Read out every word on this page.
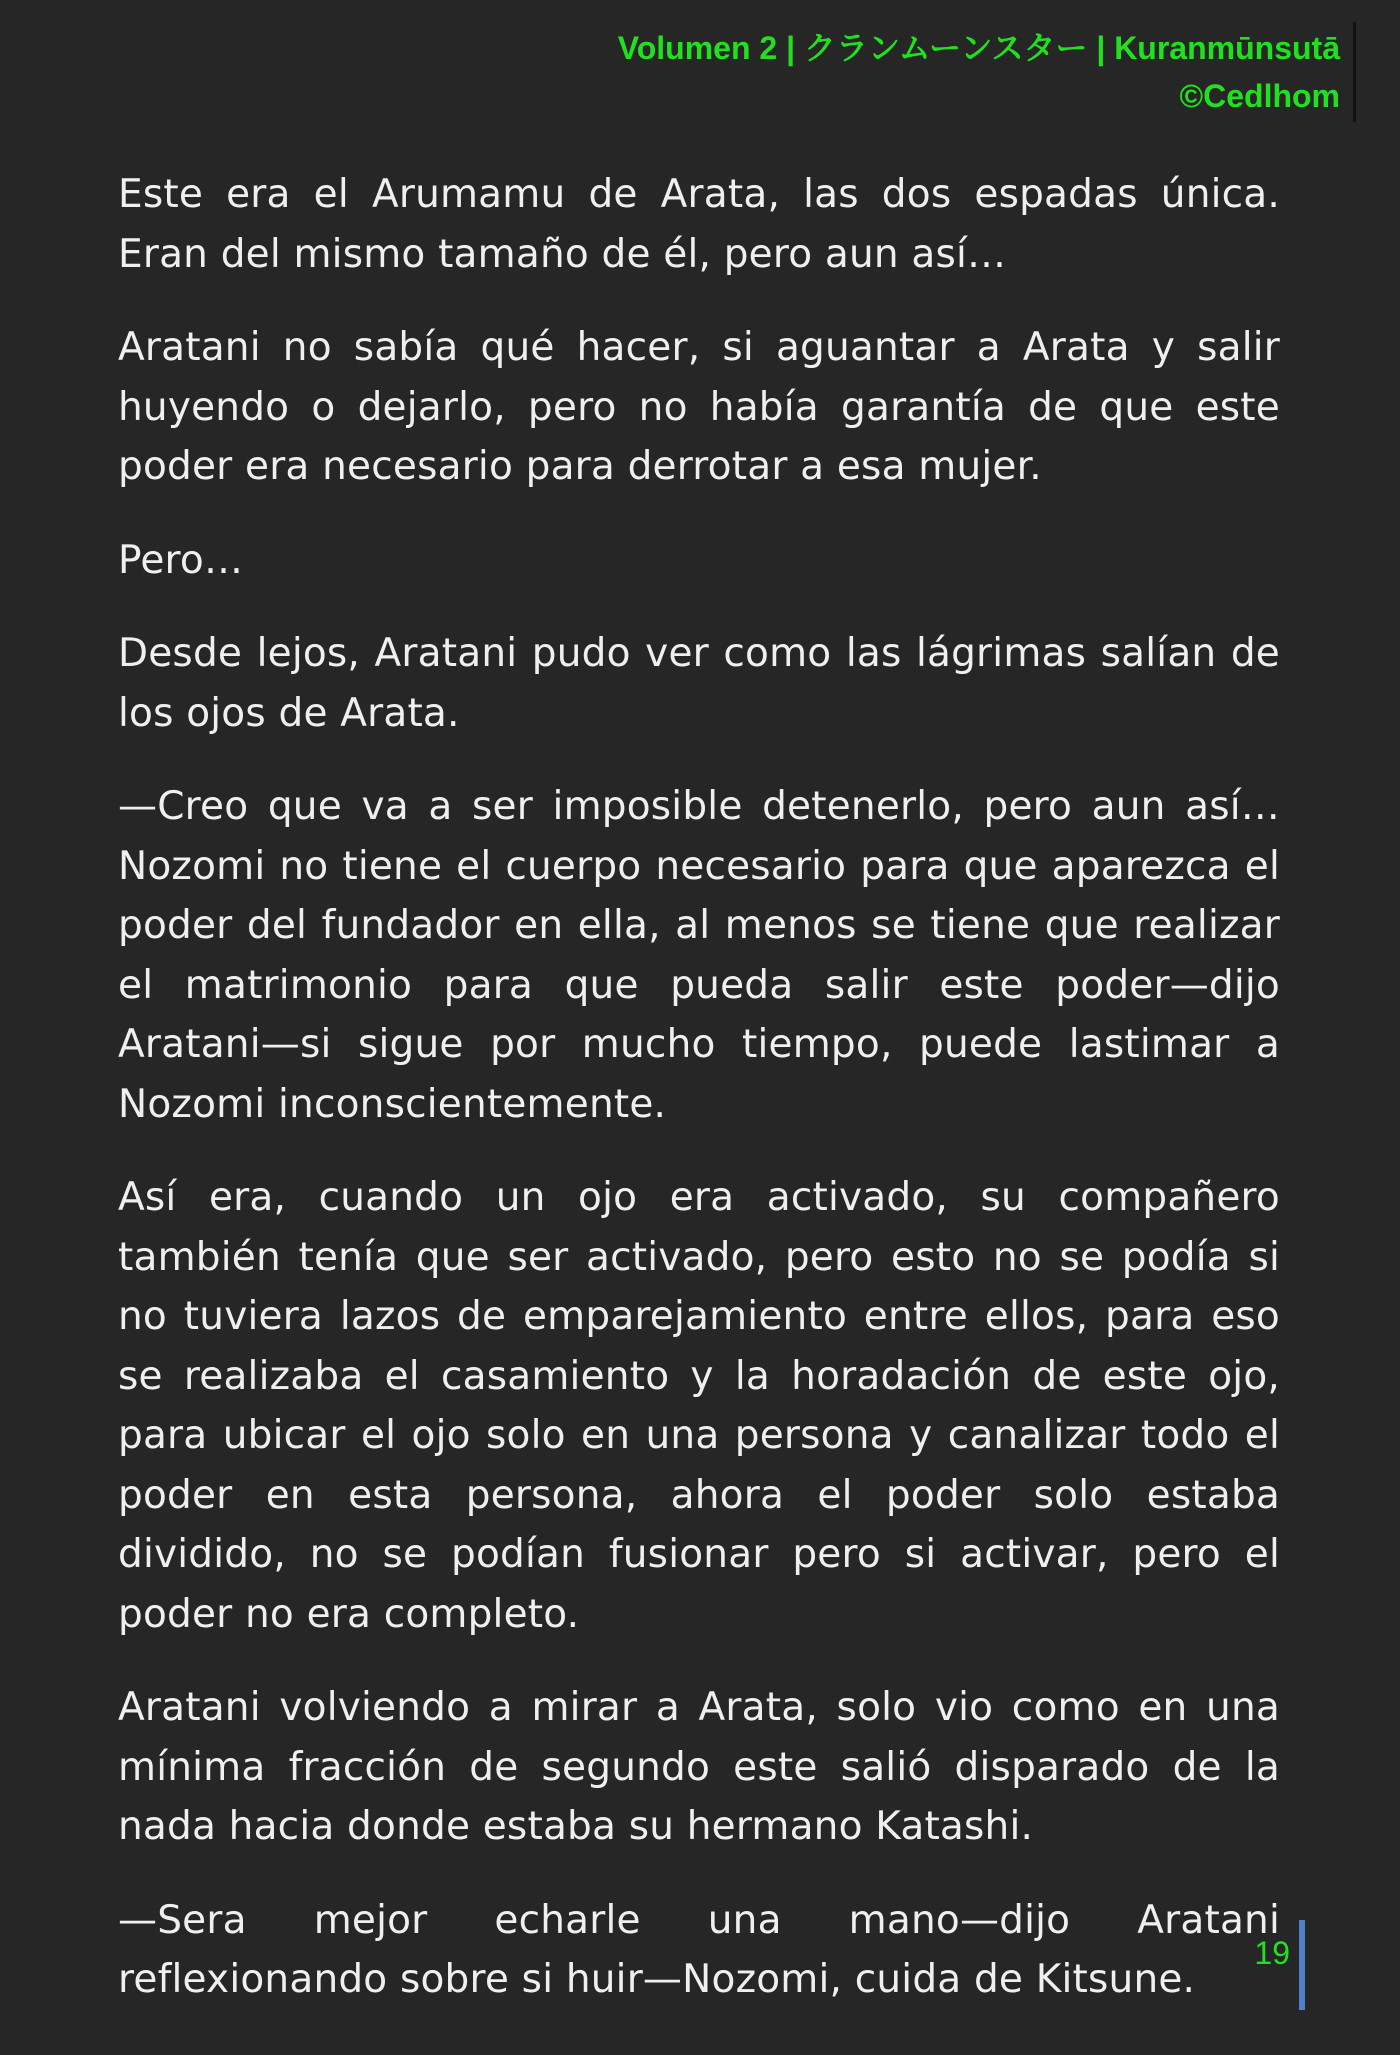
Volumen 2 | クランムーンスター | Kuranmūnsutā
©Cedlhom

Este era el Arumamu de Arata, las dos espadas única. Eran del mismo tamaño de él, pero aun así…

Aratani no sabía qué hacer, si aguantar a Arata y salir huyendo o dejarlo, pero no había garantía de que este poder era necesario para derrotar a esa mujer.

Pero…

Desde lejos, Aratani pudo ver como las lágrimas salían de los ojos de Arata.

—Creo que va a ser imposible detenerlo, pero aun así… Nozomi no tiene el cuerpo necesario para que aparezca el poder del fundador en ella, al menos se tiene que realizar el matrimonio para que pueda salir este poder—dijo Aratani—si sigue por mucho tiempo, puede lastimar a Nozomi inconscientemente.

Así era, cuando un ojo era activado, su compañero también tenía que ser activado, pero esto no se podía si no tuviera lazos de emparejamiento entre ellos, para eso se realizaba el casamiento y la horadación de este ojo, para ubicar el ojo solo en una persona y canalizar todo el poder en esta persona, ahora el poder solo estaba dividido, no se podían fusionar pero si activar, pero el poder no era completo.

Aratani volviendo a mirar a Arata, solo vio como en una mínima fracción de segundo este salió disparado de la nada hacia donde estaba su hermano Katashi.

—Sera mejor echarle una mano—dijo Aratani reflexionando sobre si huir—Nozomi, cuida de Kitsune.

19
